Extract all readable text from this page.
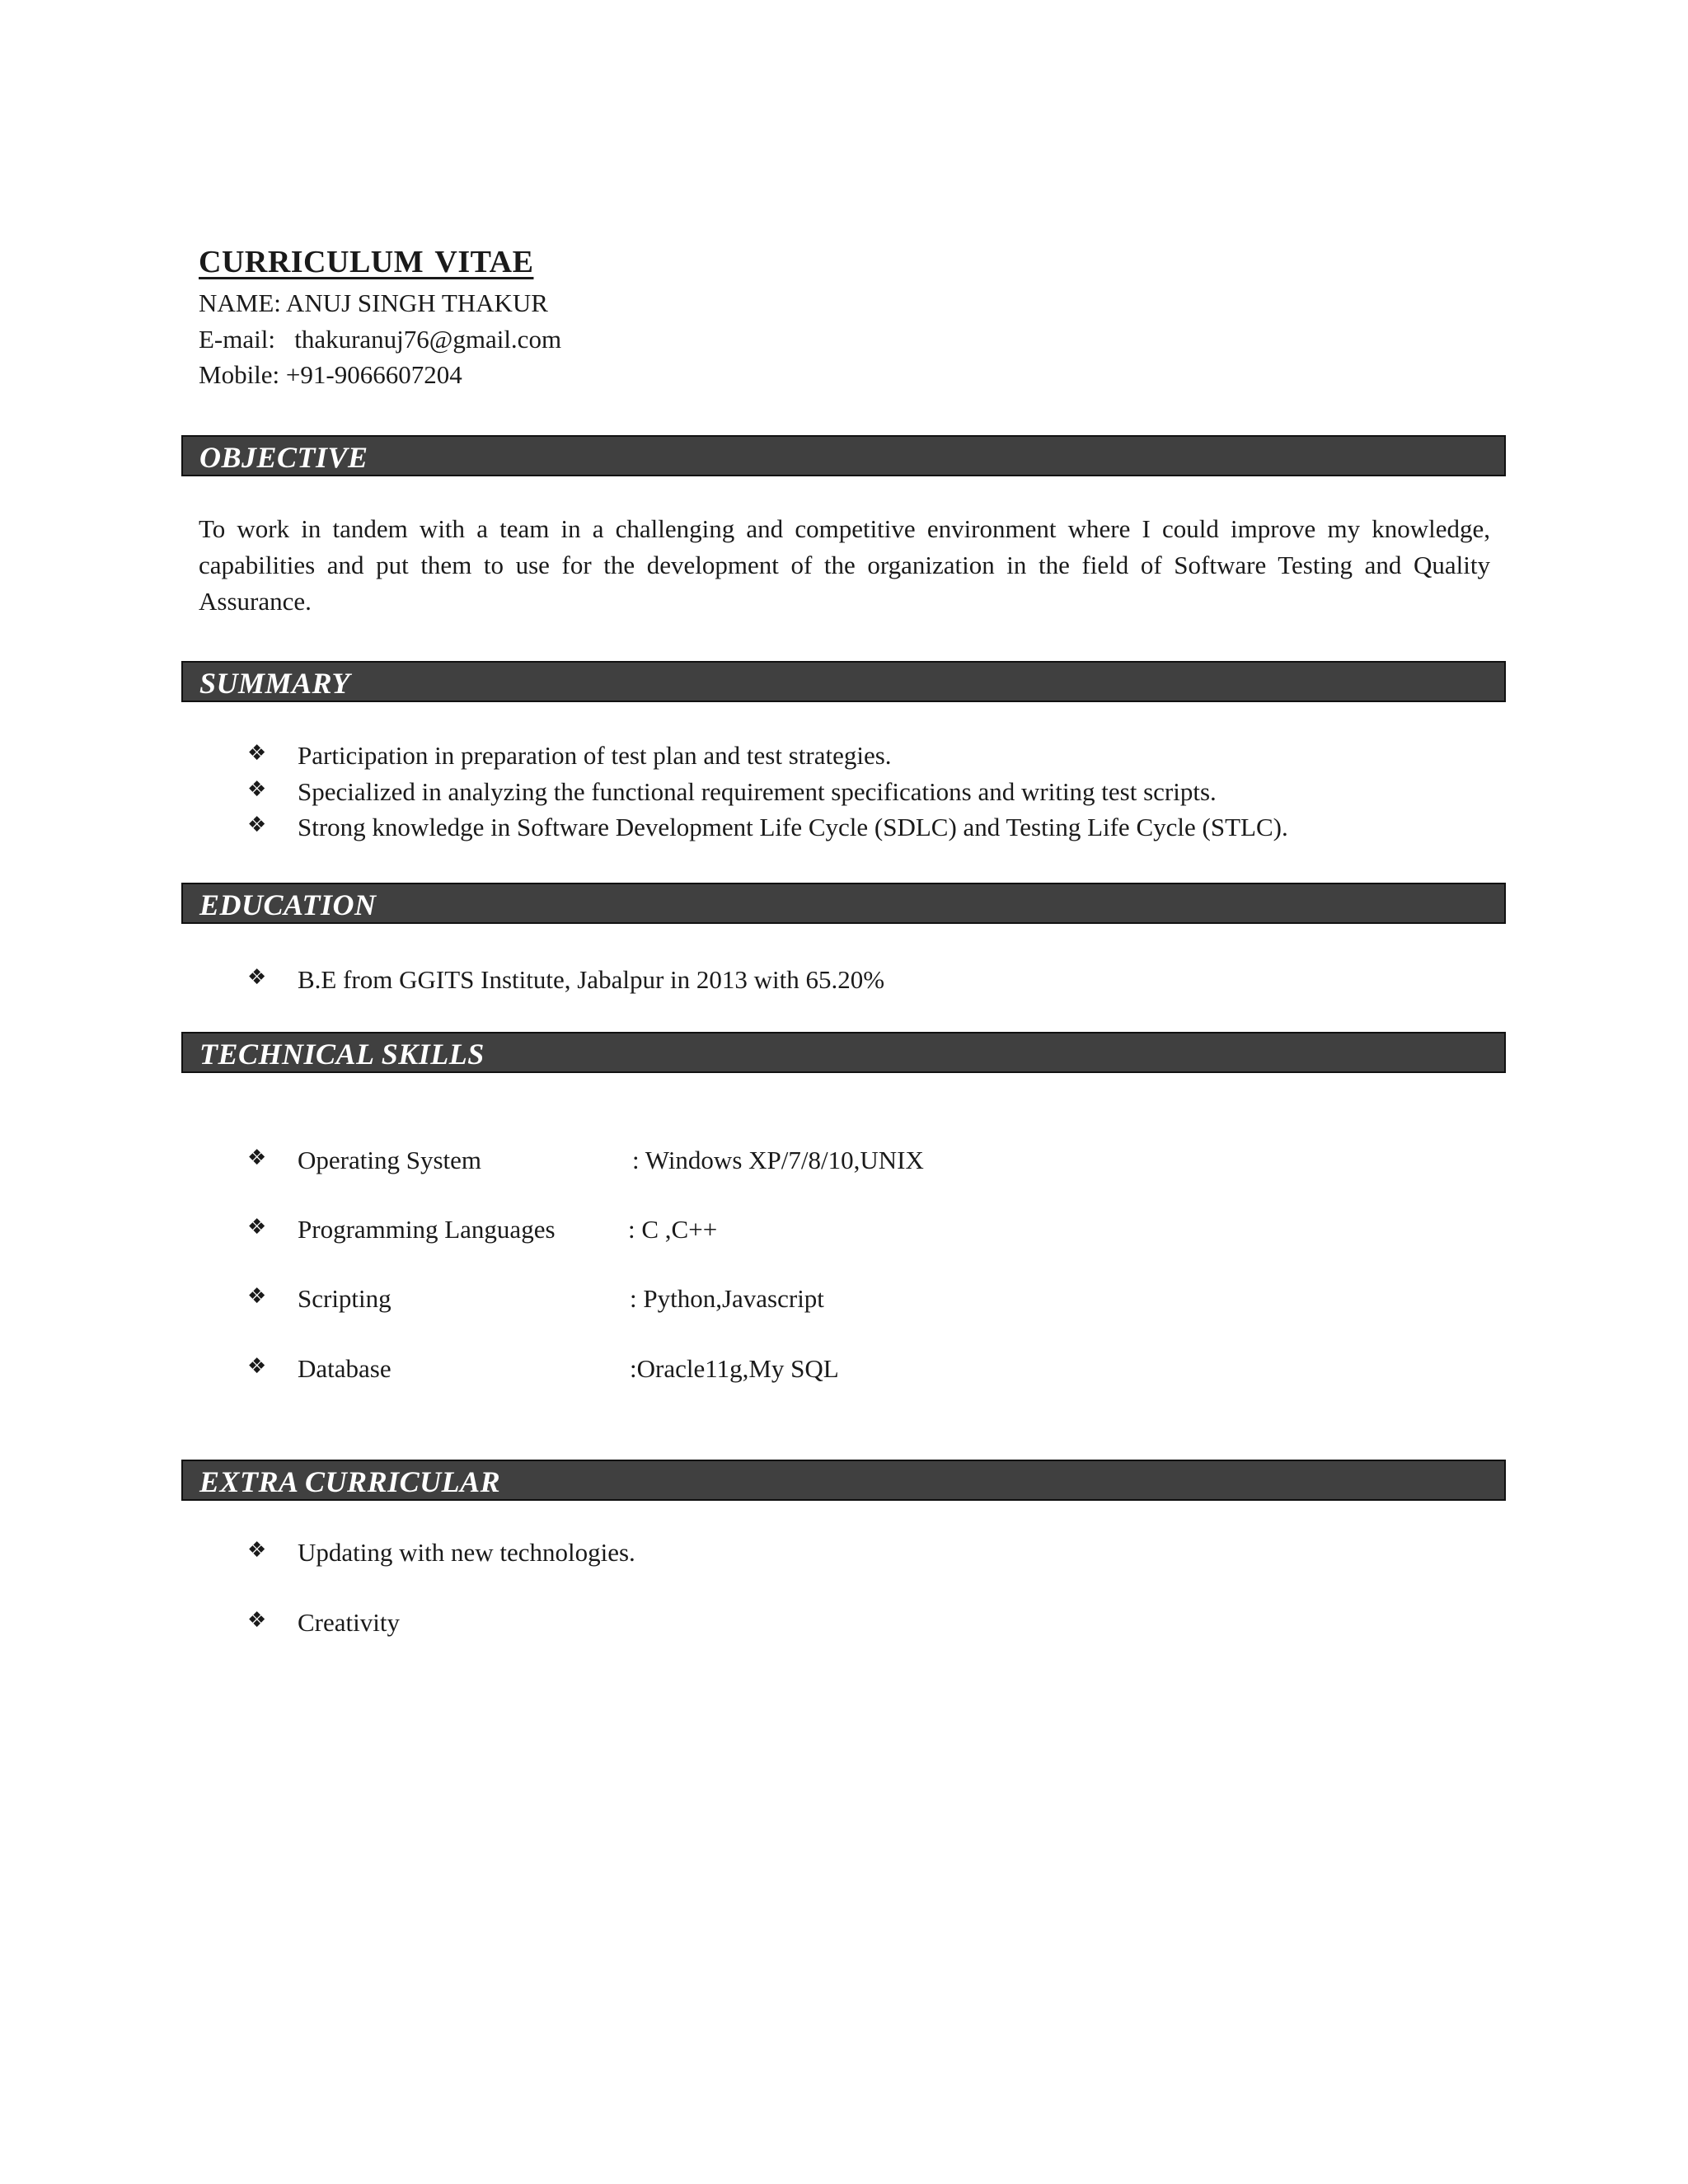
CURRICULUM VITAE
NAME: ANUJ SINGH THAKUR
E-mail:   thakuranuj76@gmail.com
Mobile: +91-9066607204
OBJECTIVE

To work in tandem with a team in a challenging and competitive environment where I could improve my knowledge, capabilities and put them to use for the development of the organization in the field of Software Testing and Quality Assurance.

SUMMARY
❖ Participation in preparation of test plan and test strategies.
❖ Specialized in analyzing the functional requirement specifications and writing test scripts.
❖ Strong knowledge in Software Development Life Cycle (SDLC) and Testing Life Cycle (STLC).
EDUCATION
❖ B.E from GGITS Institute, Jabalpur in 2013 with 65.20%
TECHNICAL SKILLS
❖ Operating System	: Windows XP/7/8/10,UNIX
❖ Programming Languages	: C ,C++
❖ Scripting	: Python,Javascript
❖ Database	:Oracle11g,My SQL
EXTRA CURRICULAR
❖ Updating with new technologies.
❖ Creativity
